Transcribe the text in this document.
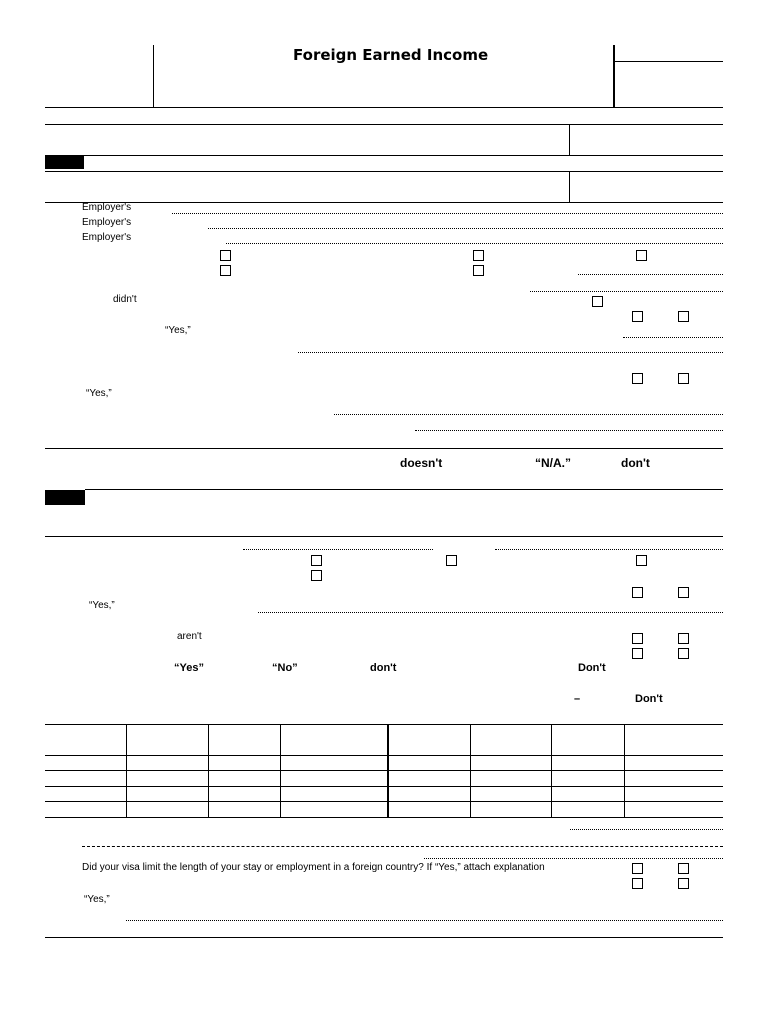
Foreign Earned Income
Employer's
Employer's
Employer's
didn't
“Yes,”
“Yes,”
doesn't	“N/A.”	don't
“Yes,”
aren't
“Yes”	“No”	don't	Don't
–	Don't
Did your visa limit the length of your stay or employment in a foreign country? If “Yes,” attach explanation
“Yes,”
